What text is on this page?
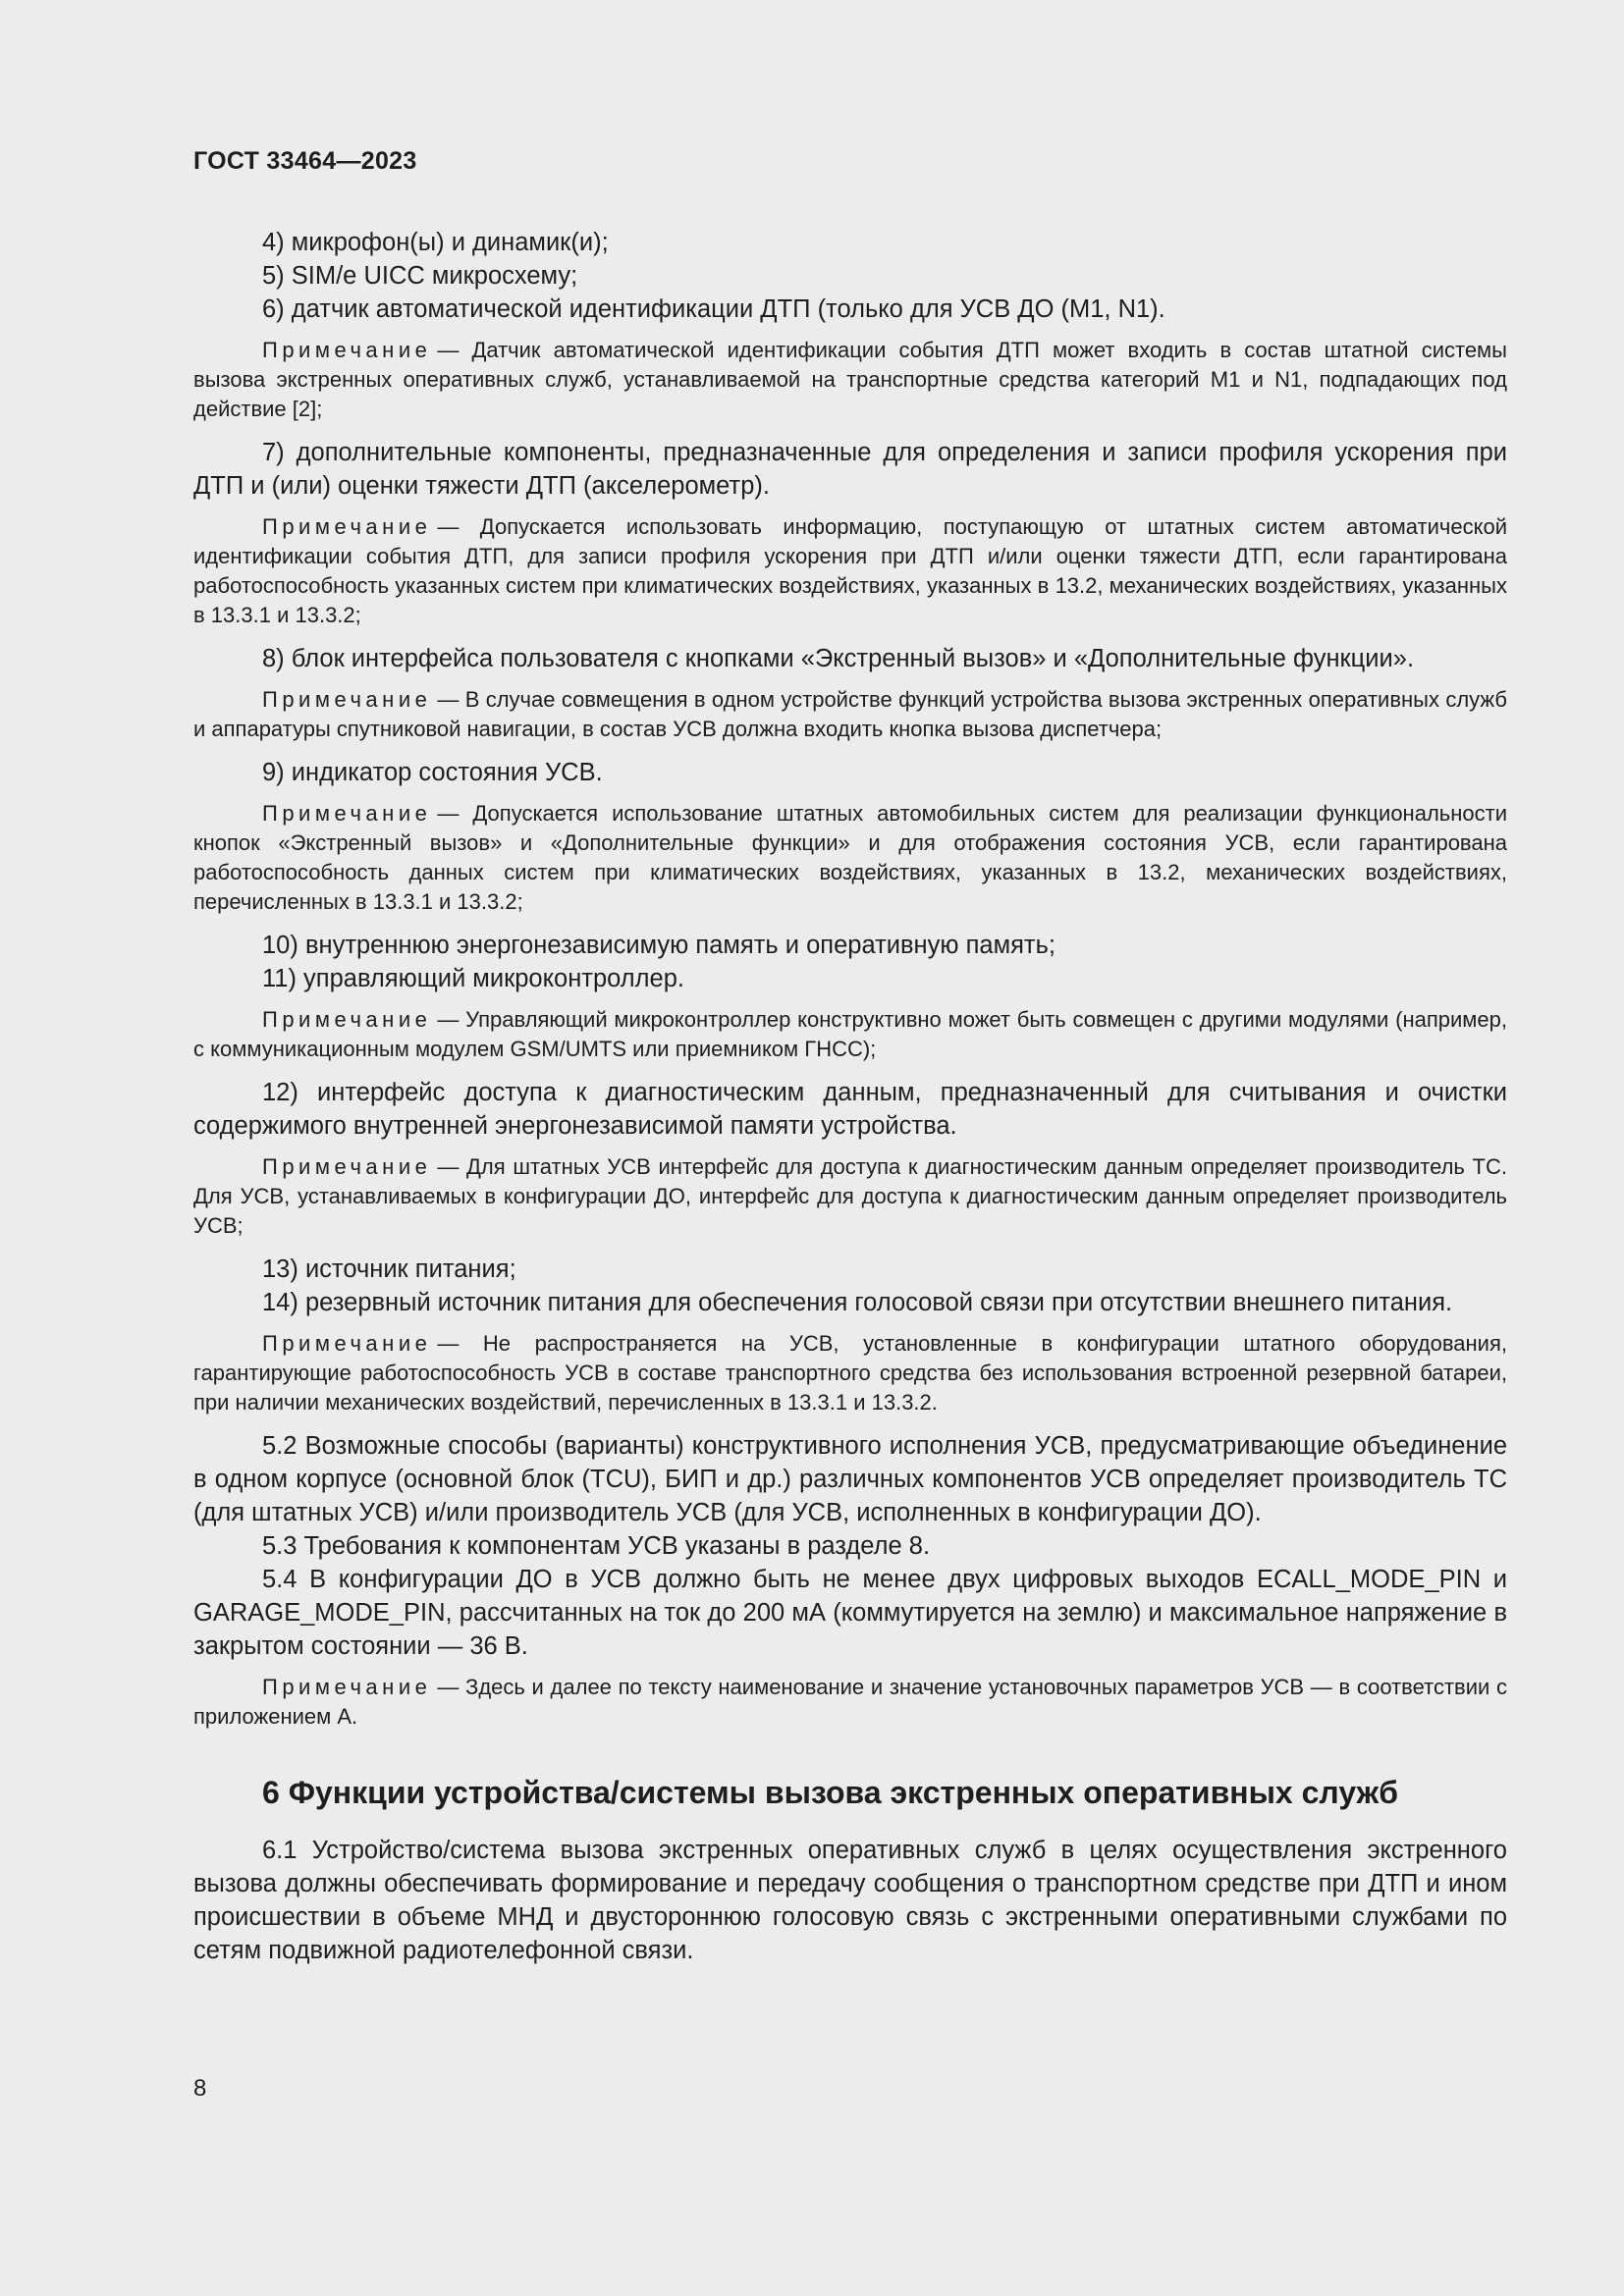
ГОСТ 33464—2023

4) микрофон(ы) и динамик(и);

5) SIM/e UICC микросхему;

6) датчик автоматической идентификации ДТП (только для УСВ ДО (М1, N1).

Примечание — Датчик автоматической идентификации события ДТП может входить в состав штатной системы вызова экстренных оперативных служб, устанавливаемой на транспортные средства категорий М1 и N1, подпадающих под действие [2];

7) дополнительные компоненты, предназначенные для определения и записи профиля ускорения при ДТП и (или) оценки тяжести ДТП (акселерометр).

Примечание — Допускается использовать информацию, поступающую от штатных систем автоматической идентификации события ДТП, для записи профиля ускорения при ДТП и/или оценки тяжести ДТП, если гарантирована работоспособность указанных систем при климатических воздействиях, указанных в 13.2, механических воздействиях, указанных в 13.3.1 и 13.3.2;

8) блок интерфейса пользователя с кнопками «Экстренный вызов» и «Дополнительные функции».

Примечание — В случае совмещения в одном устройстве функций устройства вызова экстренных оперативных служб и аппаратуры спутниковой навигации, в состав УСВ должна входить кнопка вызова диспетчера;

9) индикатор состояния УСВ.

Примечание — Допускается использование штатных автомобильных систем для реализации функциональности кнопок «Экстренный вызов» и «Дополнительные функции» и для отображения состояния УСВ, если гарантирована работоспособность данных систем при климатических воздействиях, указанных в 13.2, механических воздействиях, перечисленных в 13.3.1 и 13.3.2;

10) внутреннюю энергонезависимую память и оперативную память;

11) управляющий микроконтроллер.

Примечание — Управляющий микроконтроллер конструктивно может быть совмещен с другими модулями (например, с коммуникационным модулем GSM/UMTS или приемником ГНСС);

12) интерфейс доступа к диагностическим данным, предназначенный для считывания и очистки содержимого внутренней энергонезависимой памяти устройства.

Примечание — Для штатных УСВ интерфейс для доступа к диагностическим данным определяет производитель ТС. Для УСВ, устанавливаемых в конфигурации ДО, интерфейс для доступа к диагностическим данным определяет производитель УСВ;

13) источник питания;

14) резервный источник питания для обеспечения голосовой связи при отсутствии внешнего питания.

Примечание — Не распространяется на УСВ, установленные в конфигурации штатного оборудования, гарантирующие работоспособность УСВ в составе транспортного средства без использования встроенной резервной батареи, при наличии механических воздействий, перечисленных в 13.3.1 и 13.3.2.

5.2 Возможные способы (варианты) конструктивного исполнения УСВ, предусматривающие объединение в одном корпусе (основной блок (TCU), БИП и др.) различных компонентов УСВ определяет производитель ТС (для штатных УСВ) и/или производитель УСВ (для УСВ, исполненных в конфигурации ДО).

5.3 Требования к компонентам УСВ указаны в разделе 8.

5.4 В конфигурации ДО в УСВ должно быть не менее двух цифровых выходов ECALL_MODE_PIN и GARAGE_MODE_PIN, рассчитанных на ток до 200 мА (коммутируется на землю) и максимальное напряжение в закрытом состоянии — 36 В.

Примечание — Здесь и далее по тексту наименование и значение установочных параметров УСВ — в соответствии с приложением А.

6 Функции устройства/системы вызова экстренных оперативных служб

6.1 Устройство/система вызова экстренных оперативных служб в целях осуществления экстренного вызова должны обеспечивать формирование и передачу сообщения о транспортном средстве при ДТП и ином происшествии в объеме МНД и двустороннюю голосовую связь с экстренными оперативными службами по сетям подвижной радиотелефонной связи.

8
